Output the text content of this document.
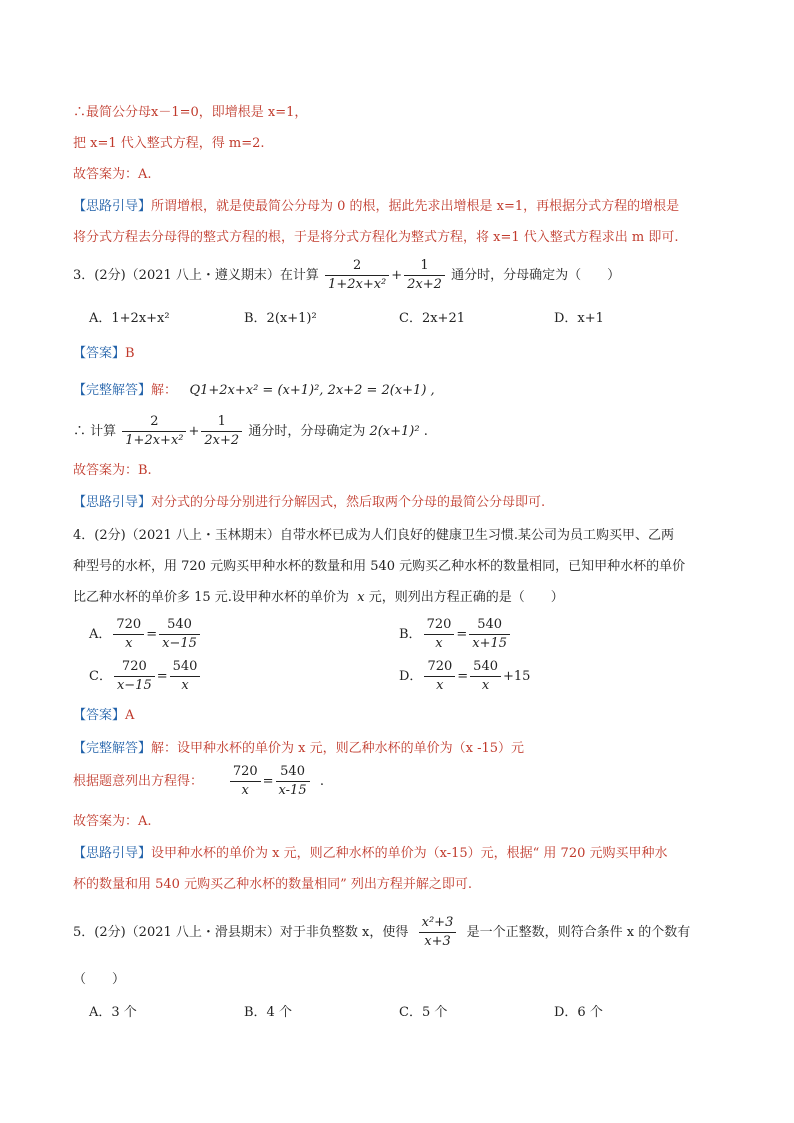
∴最简公分母x－1=0，即增根是 x=1，
把 x=1 代入整式方程，得 m=2.
故答案为：A.
【思路引导】所谓增根，就是使最简公分母为 0 的根，据此先求出增根是 x=1，再根据分式方程的增根是
将分式方程去分母得的整式方程的根，于是将分式方程化为整式方程，将 x=1 代入整式方程求出 m 即可.
3．(2分)（2021 八上・遵义期末）在计算 $\frac{2}{\text{1+2x+x²}} + \frac{1}{2x+2}$ 通分时，分母确定为（　　）
A．1+2x+x²	B．2(x+1)²	C．2x+21	D．x+1
【答案】B
【完整解答】解： Q1+2x+x² = (x+1)², 2x+2 = 2(x+1) ,
∴ 计算 $\frac{2}{\text{1+2x+x²}} + \frac{1}{2x+2}$ 通分时，分母确定为 2(x+1)² .
故答案为：B.
【思路引导】对分式的分母分别进行分解因式，然后取两个分母的最简公分母即可.
4．(2分)（2021 八上・玉林期末）自带水杯已成为人们良好的健康卫生习惯.某公司为员工购买甲、乙两
种型号的水杯，用 720 元购买甲种水杯的数量和用 540 元购买乙种水杯的数量相同，已知甲种水杯的单价
比乙种水杯的单价多 15 元.设甲种水杯的单价为 x 元，则列出方程正确的是（　　）
A． $\frac{720}{x} = \frac{540}{x-15}$	B． $\frac{720}{x} = \frac{540}{x+15}$
C． $\frac{720}{x-15} = \frac{540}{x}$	D． $\frac{720}{x} = \frac{540}{x} +15$
【答案】A
【完整解答】解：设甲种水杯的单价为 x 元，则乙种水杯的单价为（x -15）元
根据题意列出方程得： $\frac{720}{x} = \frac{540}{x-15}$ .
故答案为：A.
【思路引导】设甲种水杯的单价为 x 元，则乙种水杯的单价为（x-15）元，根据“ 用 720 元购买甲种水
杯的数量和用 540 元购买乙种水杯的数量相同” 列出方程并解之即可.
5．(2分)（2021 八上・滑县期末）对于非负整数 x，使得 $\frac{\text{x²+3}}{x+3}$ 是一个正整数，则符合条件 x 的个数有
（　　）
A．3 个	B．4 个	C．5 个	D．6 个
